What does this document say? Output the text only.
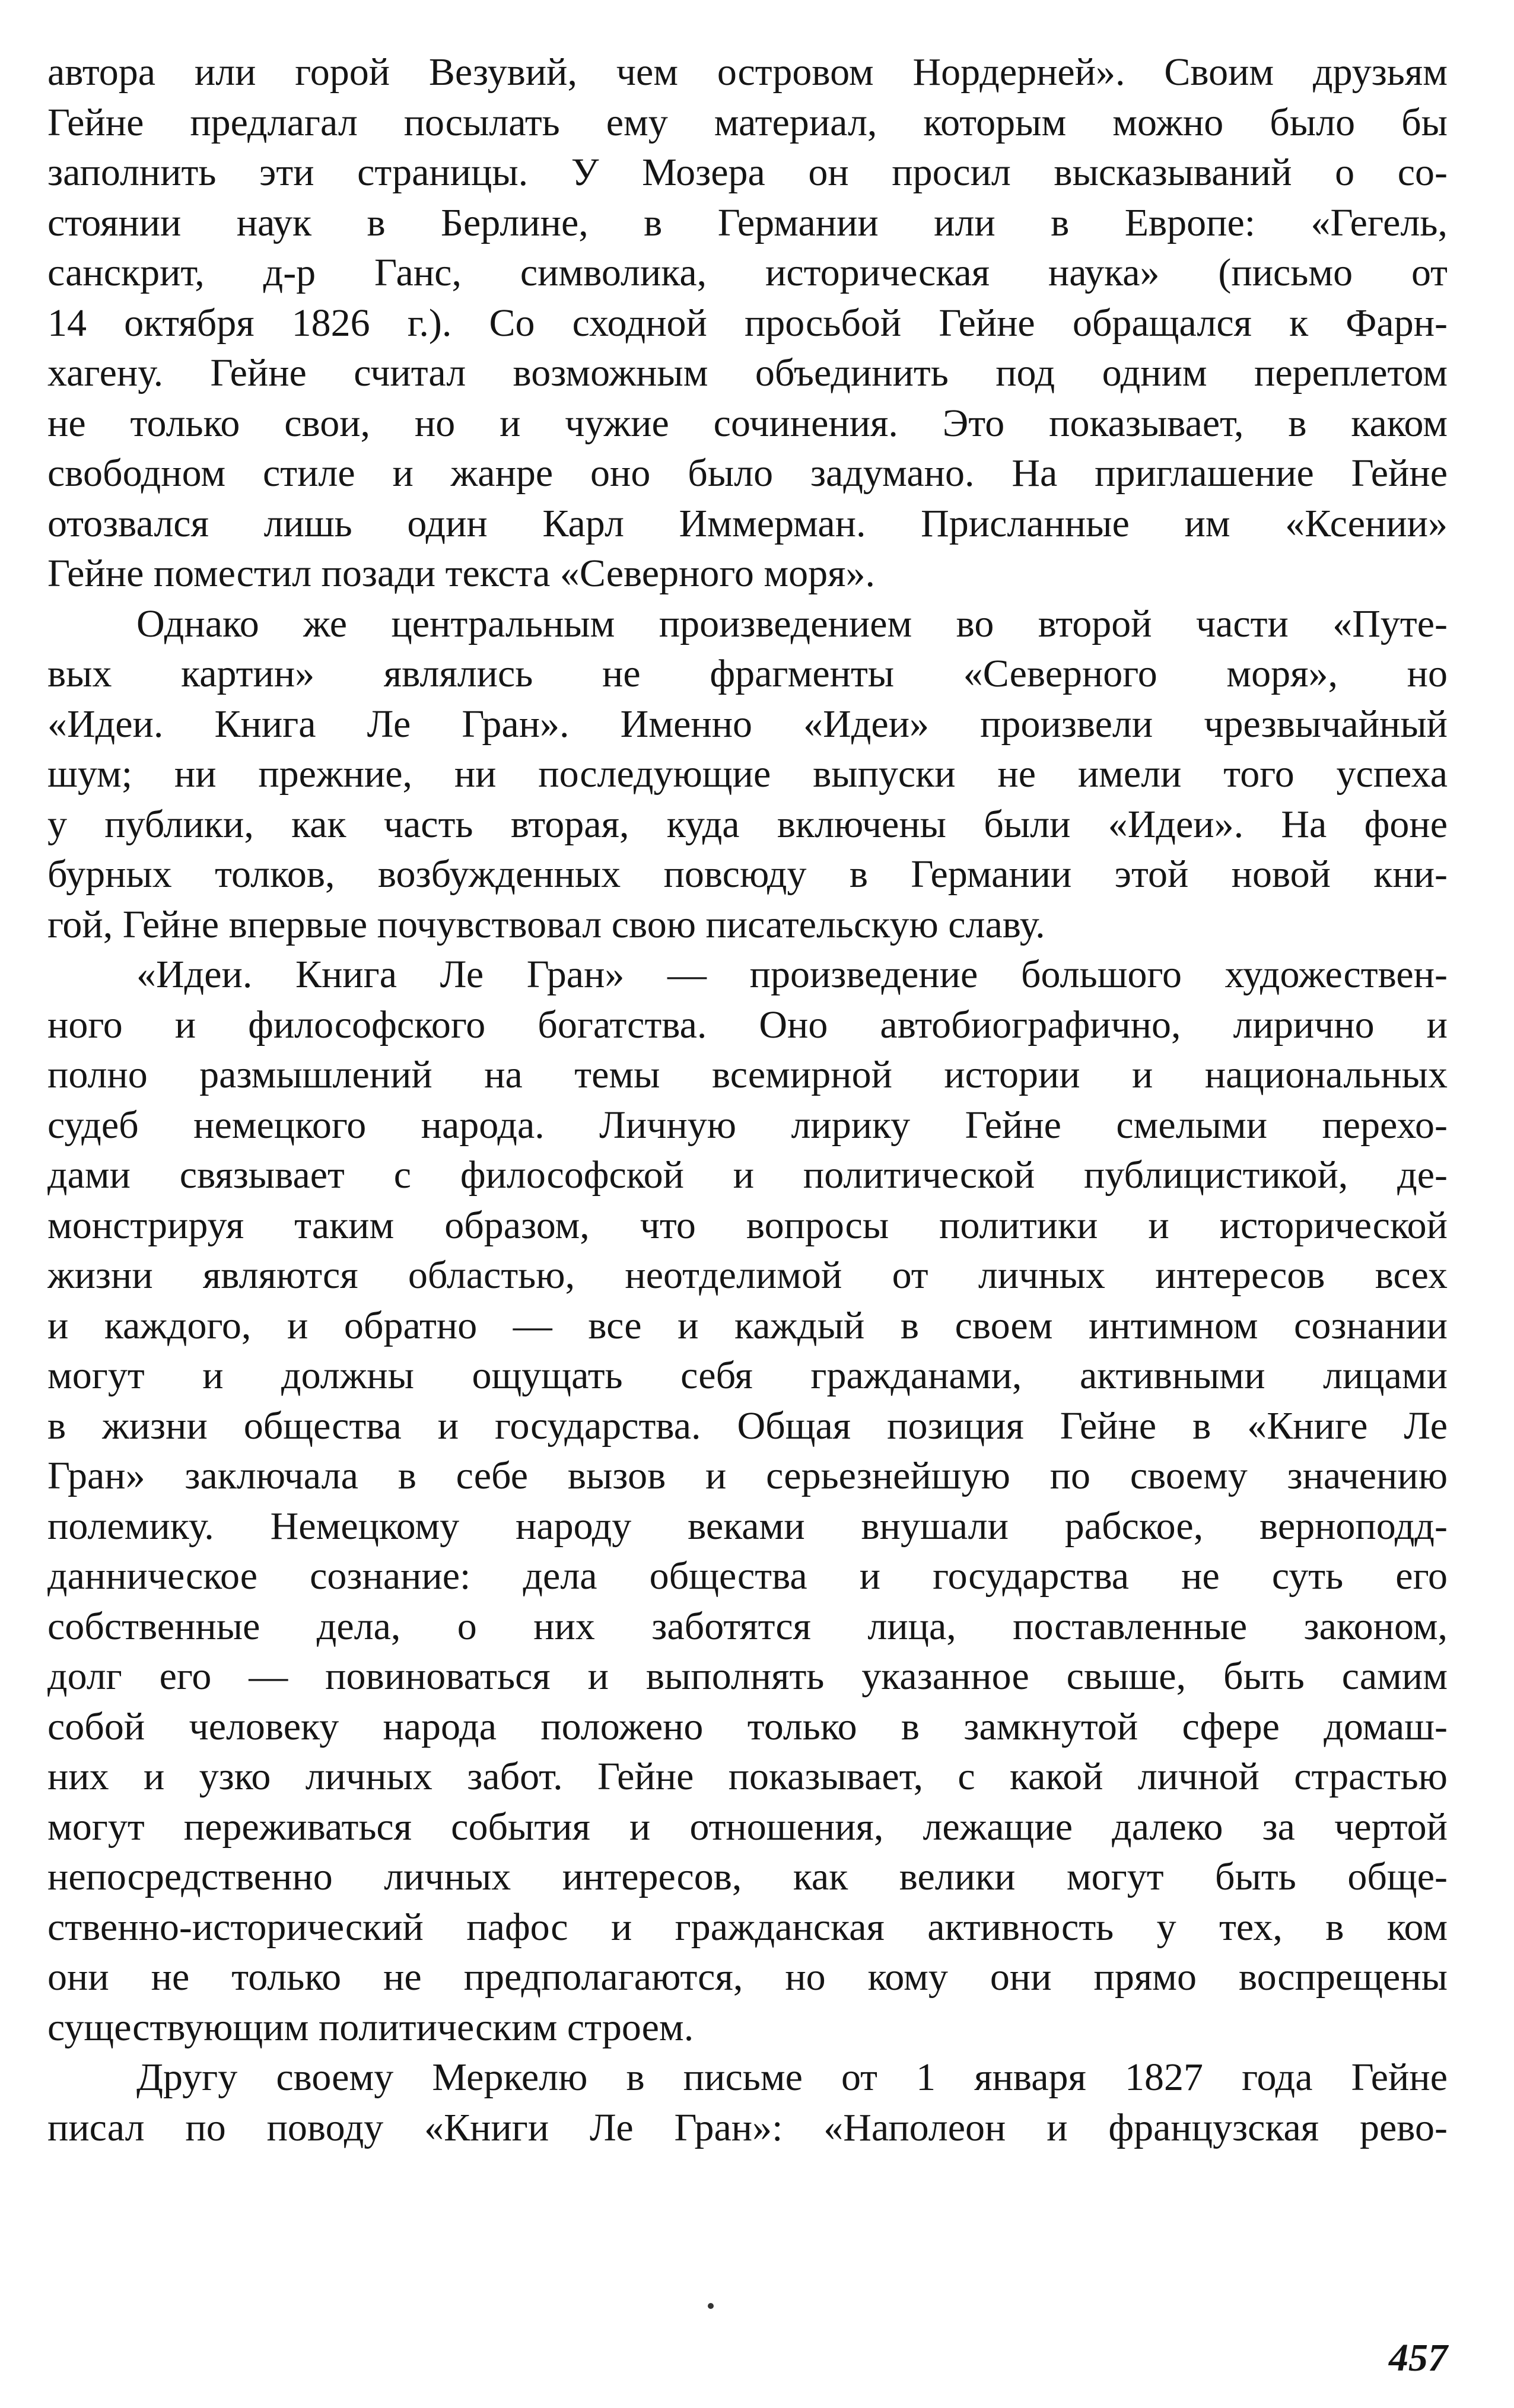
автора или горой Везувий, чем островом Нордерней». Своим друзьям
Гейне предлагал посылать ему материал, которым можно было бы
заполнить эти страницы. У Мозера он просил высказываний о со-
стоянии наук в Берлине, в Германии или в Европе: «Гегель,
санскрит, д-р Ганс, символика, историческая наука» (письмо от
14 октября 1826 г.). Со сходной просьбой Гейне обращался к Фарн-
хагену. Гейне считал возможным объединить под одним переплетом
не только свои, но и чужие сочинения. Это показывает, в каком
свободном стиле и жанре оно было задумано. На приглашение Гейне
отозвался лишь один Карл Иммерман. Присланные им «Ксении»
Гейне поместил позади текста «Северного моря».
Однако же центральным произведением во второй части «Путе-
вых картин» являлись не фрагменты «Северного моря», но
«Идеи. Книга Ле Гран». Именно «Идеи» произвели чрезвычайный
шум; ни прежние, ни последующие выпуски не имели того успеха
у публики, как часть вторая, куда включены были «Идеи». На фоне
бурных толков, возбужденных повсюду в Германии этой новой кни-
гой, Гейне впервые почувствовал свою писательскую славу.
«Идеи. Книга Ле Гран» — произведение большого художествен-
ного и философского богатства. Оно автобиографично, лирично и
полно размышлений на темы всемирной истории и национальных
судеб немецкого народа. Личную лирику Гейне смелыми перехо-
дами связывает с философской и политической публицистикой, де-
монстрируя таким образом, что вопросы политики и исторической
жизни являются областью, неотделимой от личных интересов всех
и каждого, и обратно — все и каждый в своем интимном сознании
могут и должны ощущать себя гражданами, активными лицами
в жизни общества и государства. Общая позиция Гейне в «Книге Ле
Гран» заключала в себе вызов и серьезнейшую по своему значению
полемику. Немецкому народу веками внушали рабское, верноподд-
данническое сознание: дела общества и государства не суть его
собственные дела, о них заботятся лица, поставленные законом,
долг его — повиноваться и выполнять указанное свыше, быть самим
собой человеку народа положено только в замкнутой сфере домаш-
них и узко личных забот. Гейне показывает, с какой личной страстью
могут переживаться события и отношения, лежащие далеко за чертой
непосредственно личных интересов, как велики могут быть обще-
ственно-исторический пафос и гражданская активность у тех, в ком
они не только не предполагаются, но кому они прямо воспрещены
существующим политическим строем.
Другу своему Меркелю в письме от 1 января 1827 года Гейне
писал по поводу «Книги Ле Гран»: «Наполеон и французская рево-
457
